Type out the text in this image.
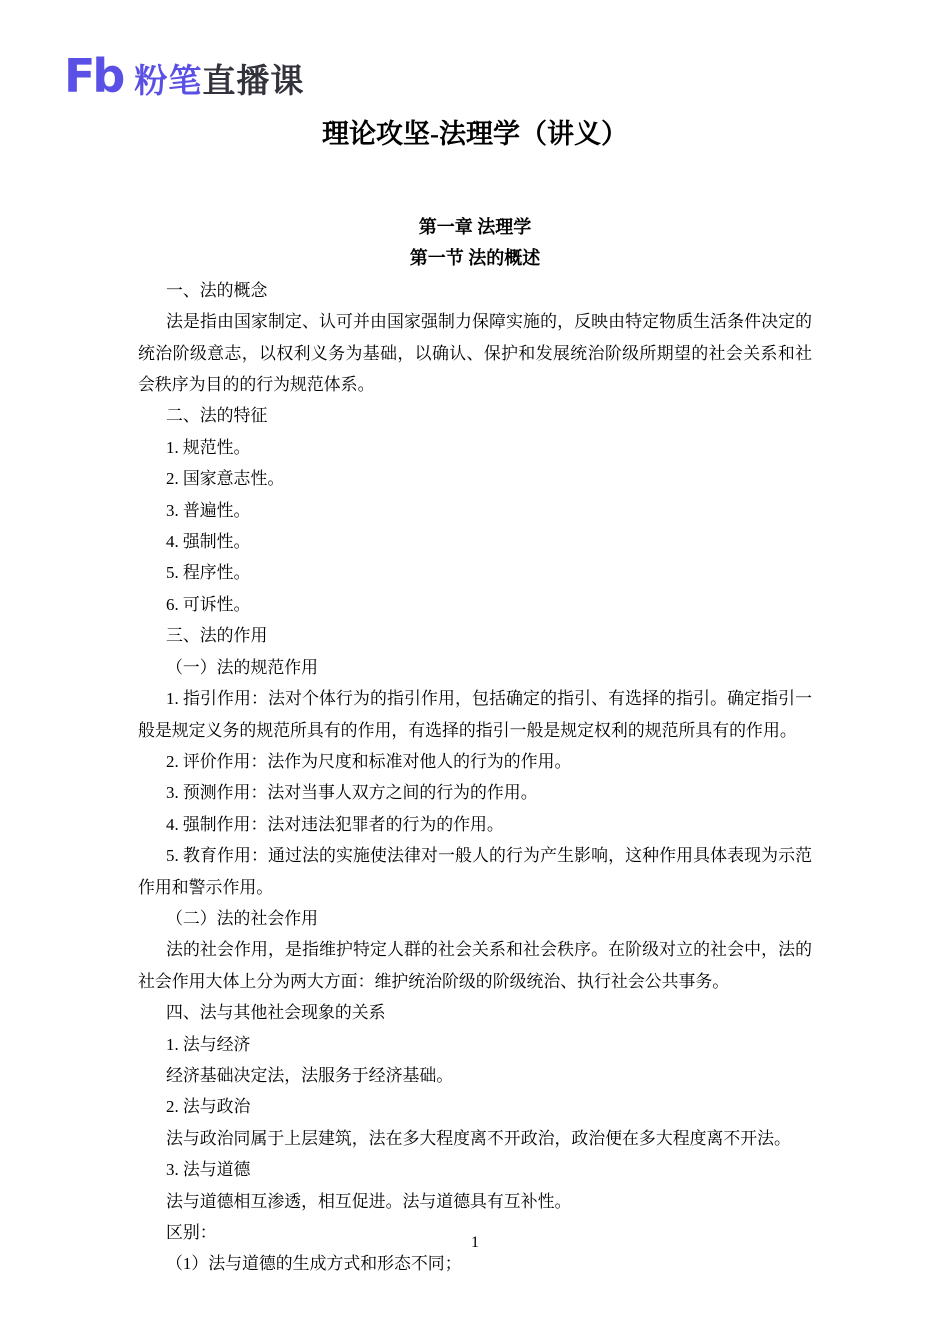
Fb 粉笔 直播课
理论攻坚-法理学（讲义）
第一章 法理学
第一节 法的概述

一、法的概念

法是指由国家制定、认可并由国家强制力保障实施的，反映由特定物质生活条件决定的统治阶级意志，以权利义务为基础，以确认、保护和发展统治阶级所期望的社会关系和社会秩序为目的的行为规范体系。

二、法的特征

1. 规范性。

2. 国家意志性。

3. 普遍性。

4. 强制性。

5. 程序性。

6. 可诉性。

三、法的作用

（一）法的规范作用

1. 指引作用：法对个体行为的指引作用，包括确定的指引、有选择的指引。确定指引一般是规定义务的规范所具有的作用，有选择的指引一般是规定权利的规范所具有的作用。

2. 评价作用：法作为尺度和标准对他人的行为的作用。

3. 预测作用：法对当事人双方之间的行为的作用。

4. 强制作用：法对违法犯罪者的行为的作用。

5. 教育作用：通过法的实施使法律对一般人的行为产生影响，这种作用具体表现为示范作用和警示作用。

（二）法的社会作用

法的社会作用，是指维护特定人群的社会关系和社会秩序。在阶级对立的社会中，法的社会作用大体上分为两大方面：维护统治阶级的阶级统治、执行社会公共事务。

四、法与其他社会现象的关系

1. 法与经济

经济基础决定法，法服务于经济基础。

2. 法与政治

法与政治同属于上层建筑，法在多大程度离不开政治，政治便在多大程度离不开法。

3. 法与道德

法与道德相互渗透，相互促进。法与道德具有互补性。

区别：

（1）法与道德的生成方式和形态不同；

1
